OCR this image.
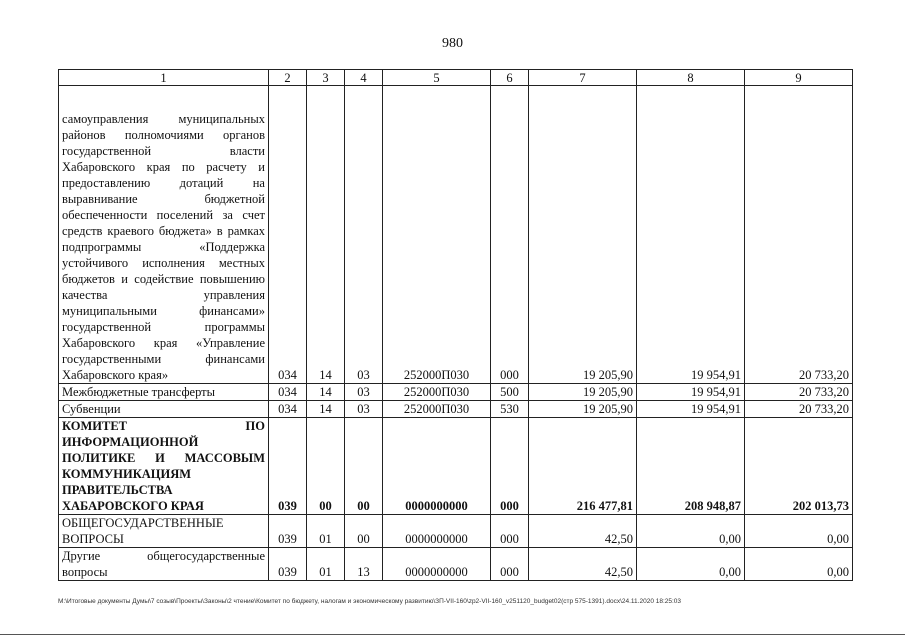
980
1	2	3	4	5	6	7	8	9
самоуправления муниципальных районов полномочиями органов государственной власти Хабаровского края по расчету и предоставлению дотаций на выравнивание бюджетной обеспеченности поселений за счет средств краевого бюджета» в рамках подпрограммы «Поддержка устойчивого исполнения местных бюджетов и содействие повышению качества управления муниципальными финансами» государственной программы Хабаровского края «Управление государственными финансами Хабаровского края»	034	14	03	252000П030	000	19 205,90	19 954,91	20 733,20
Межбюджетные трансферты	034	14	03	252000П030	500	19 205,90	19 954,91	20 733,20
Субвенции	034	14	03	252000П030	530	19 205,90	19 954,91	20 733,20
КОМИТЕТ ПО ИНФОРМАЦИОННОЙ ПОЛИТИКЕ И МАССОВЫМ КОММУНИКАЦИЯМ ПРАВИТЕЛЬСТВА ХАБАРОВСКОГО КРАЯ	039	00	00	0000000000	000	216 477,81	208 948,87	202 013,73
ОБЩЕГОСУДАРСТВЕННЫЕ ВОПРОСЫ	039	01	00	0000000000	000	42,50	0,00	0,00
Другие общегосударственные вопросы	039	01	13	0000000000	000	42,50	0,00	0,00
M:\Итоговые документы Думы\7 созыв\Проекты\Законы\2 чтение\Комитет по бюджету, налогам и экономическому развитию\ЗП-VII-160\zp2-VII-160_v251120_budget02(стр 575-1391).docx\24.11.2020 18:25:03
